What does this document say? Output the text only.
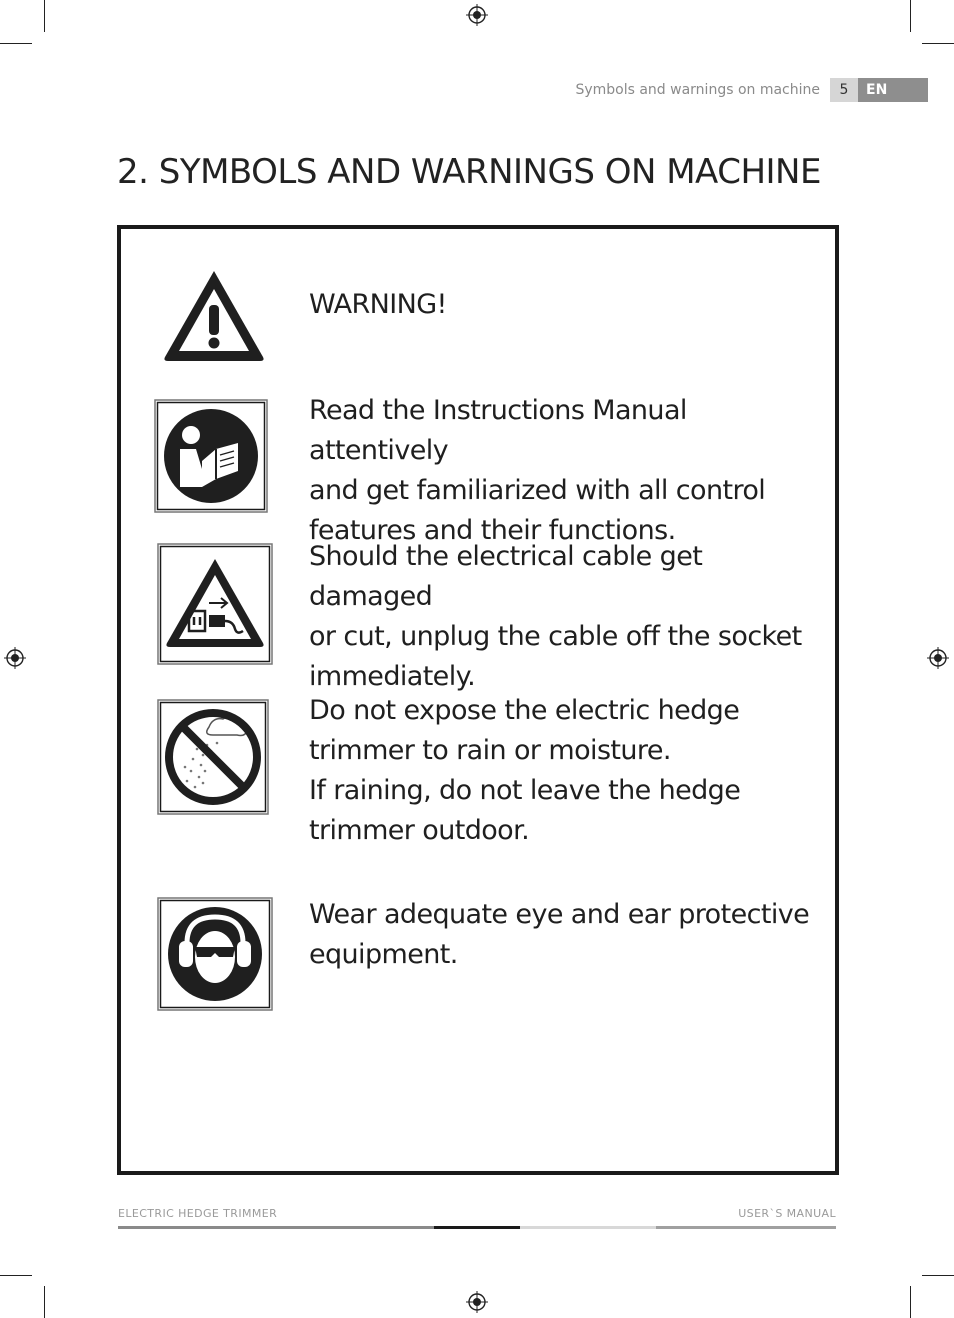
Symbols and warnings on machine	5	EN
2. SYMBOLS AND WARNINGS ON MACHINE
WARNING!
Read the Instructions Manual attentively
and get familiarized with all control
features and their functions.
Should the electrical cable get damaged
or cut, unplug the cable off the socket
immediately.
Do not expose the electric hedge
trimmer to rain or moisture.
If raining, do not leave the hedge
trimmer outdoor.
Wear adequate eye and ear protective
equipment.
ELECTRIC HEDGE TRIMMER	USER`S MANUAL
